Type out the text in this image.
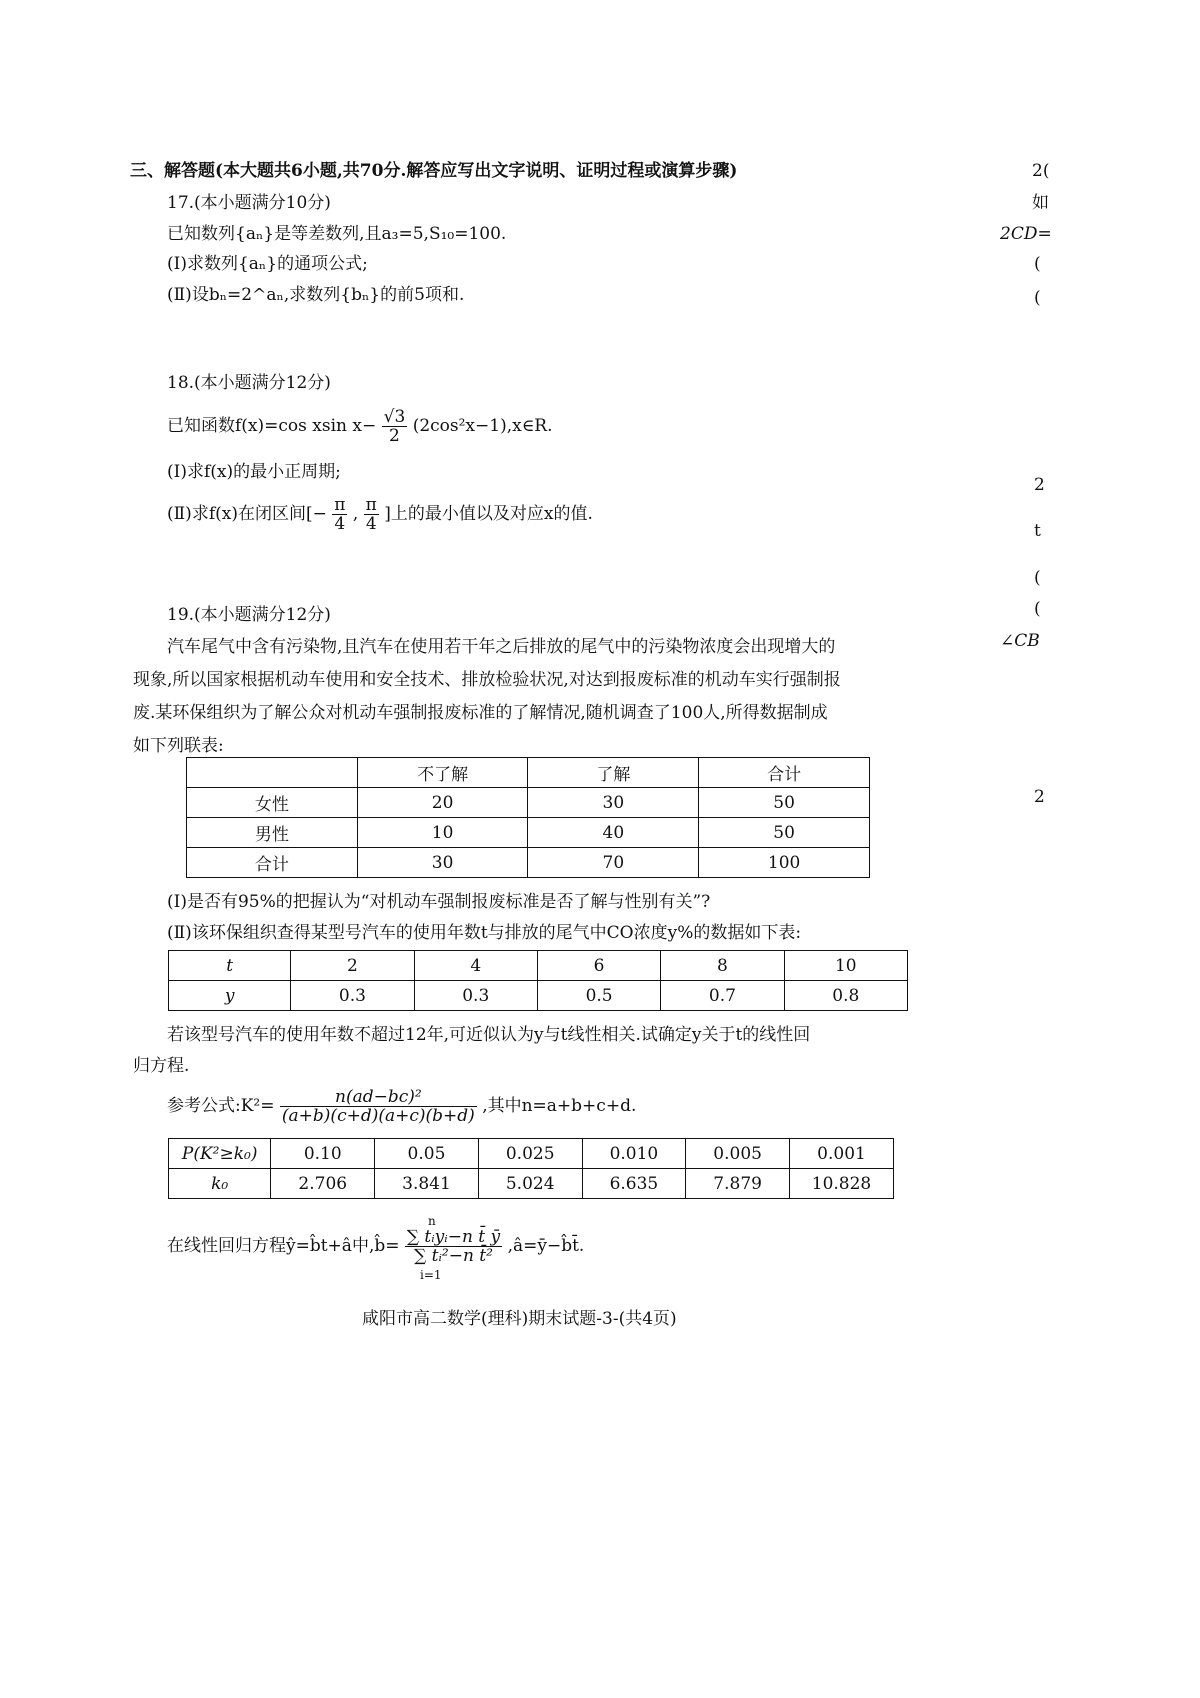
三、解答题(本大题共6小题,共70分.解答应写出文字说明、证明过程或演算步骤)
17.(本小题满分10分)
已知数列{aₙ}是等差数列,且a₃=5,S₁₀=100.
(Ⅰ)求数列{aₙ}的通项公式;
(Ⅱ)设bₙ=2^aₙ,求数列{bₙ}的前5项和.
18.(本小题满分12分)
已知函数f(x)=cos xsin $x- \frac{√3}{2}$ (2cos²x−1),x∈R.
(Ⅰ)求f(x)的最小正周期;
(Ⅱ)求f(x)在闭区间[− $\frac{\pi}{4}$ , $\frac{\pi}{4}$ ]上的最小值以及对应x的值.
19.(本小题满分12分)
汽车尾气中含有污染物,且汽车在使用若干年之后排放的尾气中的污染物浓度会出现增大的
现象,所以国家根据机动车使用和安全技术、排放检验状况,对达到报废标准的机动车实行强制报
废.某环保组织为了解公众对机动车强制报废标准的了解情况,随机调查了100人,所得数据制成
如下列联表:
	不了解	了解	合计
女性	20	30	50
男性	10	40	50
合计	30	70	100
(Ⅰ)是否有95%的把握认为“对机动车强制报废标准是否了解与性别有关”?
(Ⅱ)该环保组织查得某型号汽车的使用年数t与排放的尾气中CO浓度y%的数据如下表:
t	2	4	6	8	10
y	0.3	0.3	0.5	0.7	0.8
若该型号汽车的使用年数不超过12年,可近似认为y与t线性相关.试确定y关于t的线性回
归方程.
参考公式:K²= $\frac{\text{n(ad−bc)²}}{(a+b)(c+d)(a+c)(b+d)}$ ,其中n=a+b+c+d.
P(K²≥k₀)	0.10	0.05	0.025	0.010	0.005	0.001
k₀	2.706	3.841	5.024	6.635	7.879	10.828
在线性回归方程ŷ=b̂t+â中,b̂= $\frac{\text{∑ tᵢyᵢ−n t̄ ȳ}}{\text{∑ tᵢ²−n t̄²}}$ ,â=ȳ−b̂t̄.
n
i=1
咸阳市高二数学(理科)期末试题-3-(共4页)
2(
如
2CD=
(
(
2
t
(
(
∠CB
2
